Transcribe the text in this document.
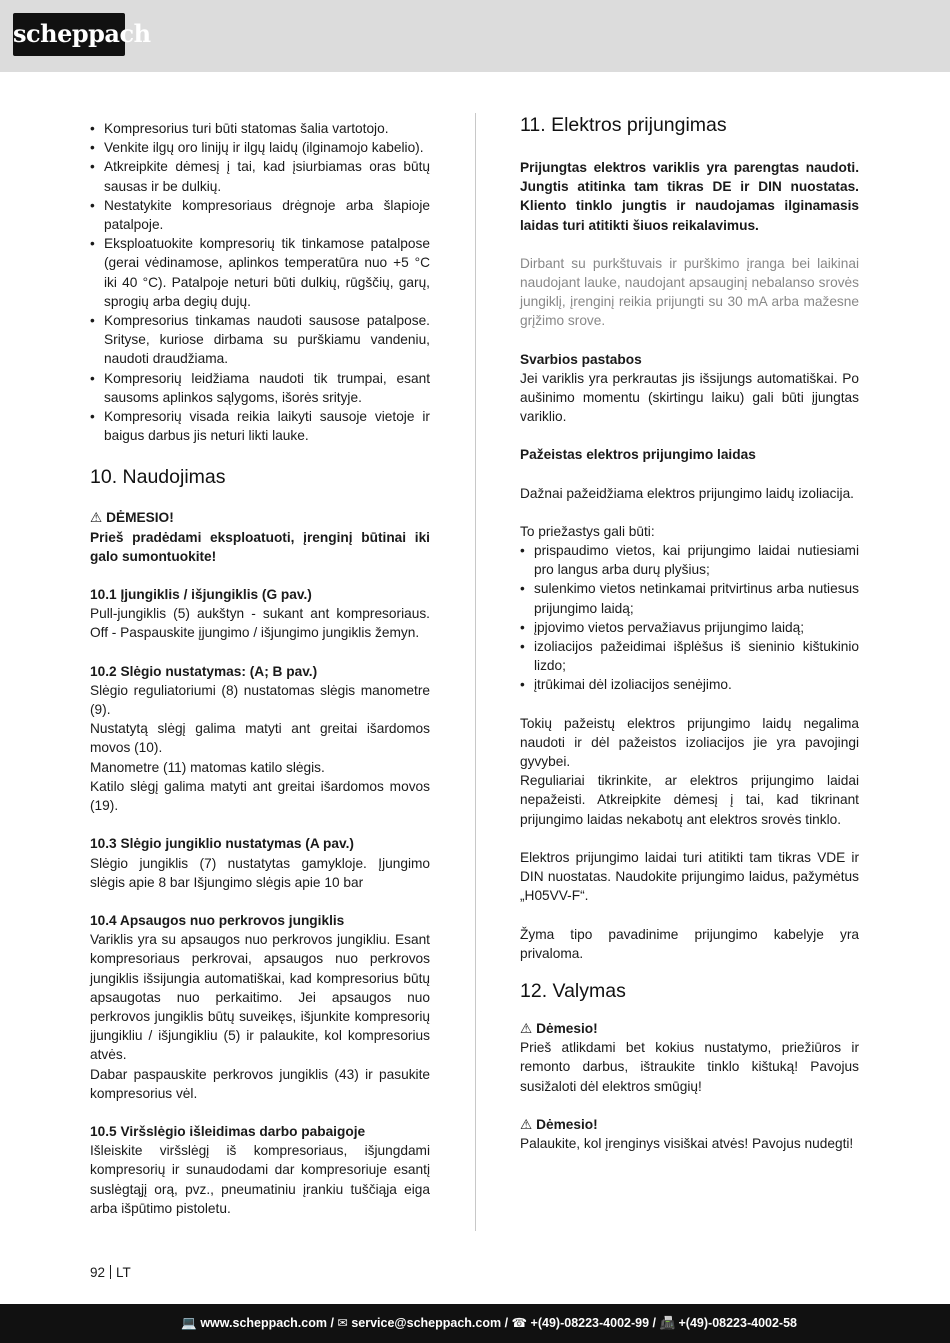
scheppach
• Kompresorius turi būti statomas šalia vartotojo.
• Venkite ilgų oro linijų ir ilgų laidų (ilginamojo kabelio).
• Atkreipkite dėmesį į tai, kad įsiurbiamas oras būtų sausas ir be dulkių.
• Nestatykite kompresoriaus drėgnoje arba šlapioje patalpoje.
• Eksploatuokite kompresorių tik tinkamose patalpose (gerai vėdinamose, aplinkos temperatūra nuo +5 °C iki 40 °C). Patalpoje neturi būti dulkių, rūgščių, garų, sprogių arba degių dujų.
• Kompresorius tinkamas naudoti sausose patalpose. Srityse, kuriose dirbama su purškiamu vandeniu, naudoti draudžiama.
• Kompresorių leidžiama naudoti tik trumpai, esant sausoms aplinkos sąlygoms, išorės srityje.
• Kompresorių visada reikia laikyti sausoje vietoje ir baigus darbus jis neturi likti lauke.
10. Naudojimas

⚠ DĖMESIO!

Prieš pradėdami eksploatuoti, įrenginį būtinai iki galo sumontuokite!

10.1 Įjungiklis / išjungiklis (G pav.)

Pull-jungiklis (5) aukštyn - sukant ant kompresoriaus. Off - Paspauskite įjungimo / išjungimo jungiklis žemyn.

10.2 Slėgio nustatymas: (A; B pav.)

Slėgio reguliatoriumi (8) nustatomas slėgis manometre (9).

Nustatytą slėgį galima matyti ant greitai išardomos movos (10).

Manometre (11) matomas katilo slėgis.

Katilo slėgį galima matyti ant greitai išardomos movos (19).

10.3 Slėgio jungiklio nustatymas (A pav.)

Slėgio jungiklis (7) nustatytas gamykloje. Įjungimo slėgis apie 8 bar Išjungimo slėgis apie 10 bar

10.4 Apsaugos nuo perkrovos jungiklis

Variklis yra su apsaugos nuo perkrovos jungikliu. Esant kompresoriaus perkrovai, apsaugos nuo perkrovos jungiklis išsijungia automatiškai, kad kompresorius būtų apsaugotas nuo perkaitimo. Jei apsaugos nuo perkrovos jungiklis būtų suveikęs, išjunkite kompresorių įjungikliu / išjungikliu (5) ir palaukite, kol kompresorius atvės.

Dabar paspauskite perkrovos jungiklis (43) ir pasukite kompresorius vėl.

10.5 Viršslėgio išleidimas darbo pabaigoje

Išleiskite viršslėgį iš kompresoriaus, išjungdami kompresorių ir sunaudodami dar kompresoriuje esantį suslėgtąjį orą, pvz., pneumatiniu įrankiu tuščiąja eiga arba išpūtimo pistoletu.

11. Elektros prijungimas

Prijungtas elektros variklis yra parengtas naudoti. Jungtis atitinka tam tikras DE ir DIN nuostatas. Kliento tinklo jungtis ir naudojamas ilginamasis laidas turi atitikti šiuos reikalavimus.

Dirbant su purkštuvais ir purškimo įranga bei laikinai naudojant lauke, naudojant apsauginį nebalanso srovės jungiklį, įrenginį reikia prijungti su 30 mA arba mažesne grįžimo srove.

Svarbios pastabos

Jei variklis yra perkrautas jis išsijungs automatiškai. Po aušinimo momentu (skirtingu laiku) gali būti įjungtas variklio.

Pažeistas elektros prijungimo laidas

Dažnai pažeidžiama elektros prijungimo laidų izoliacija.

To priežastys gali būti:

• prispaudimo vietos, kai prijungimo laidai nutiesiami pro langus arba durų plyšius;
• sulenkimo vietos netinkamai pritvirtinus arba nutiesus prijungimo laidą;
• įpjovimo vietos pervažiavus prijungimo laidą;
• izoliacijos pažeidimai išplėšus iš sieninio kištukinio lizdo;
• įtrūkimai dėl izoliacijos senėjimo.

Tokių pažeistų elektros prijungimo laidų negalima naudoti ir dėl pažeistos izoliacijos jie yra pavojingi gyvybei.

Reguliariai tikrinkite, ar elektros prijungimo laidai nepažeisti. Atkreipkite dėmesį į tai, kad tikrinant prijungimo laidas nekabotų ant elektros srovės tinklo.

Elektros prijungimo laidai turi atitikti tam tikras VDE ir DIN nuostatas. Naudokite prijungimo laidus, pažymėtus „H05VV-F“.

Žyma tipo pavadinime prijungimo kabelyje yra privaloma.

12. Valymas

⚠ Dėmesio!

Prieš atlikdami bet kokius nustatymo, priežiūros ir remonto darbus, ištraukite tinklo kištuką! Pavojus susižaloti dėl elektros smūgių!

⚠ Dėmesio!

Palaukite, kol įrenginys visiškai atvės! Pavojus nudegti!

92 LT
💻 www.scheppach.com / ✉ service@scheppach.com / ☎ +(49)-08223-4002-99 / 📠 +(49)-08223-4002-58
